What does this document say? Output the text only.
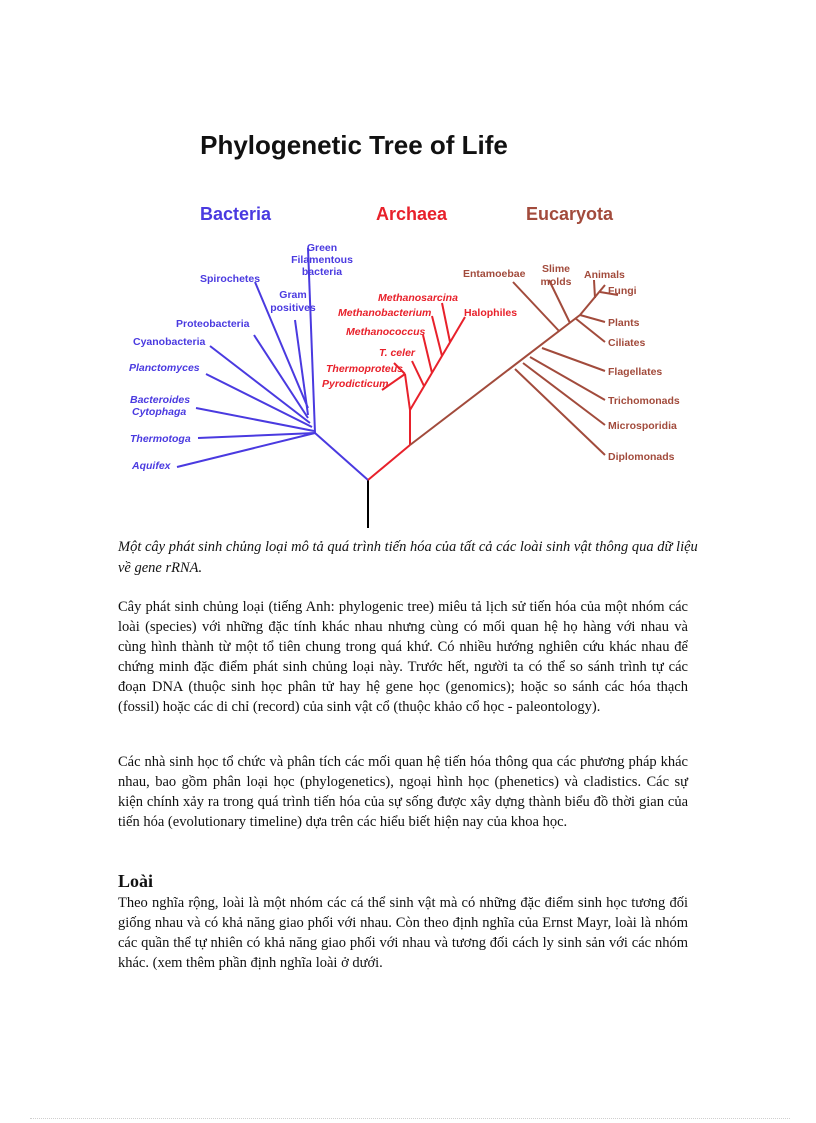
Phylogenetic Tree of Life
Bacteria	Archaea	Eucaryota
Green
Filamentous
bacteria
Spirochetes
Gram
positives
Proteobacteria
Cyanobacteria
Planctomyces
Bacteroides
Cytophaga
Thermotoga
Aquifex
Methanosarcina
Methanobacterium	Halophiles
Methanococcus
T. celer
Thermoproteus
Pyrodicticum
Entamoebae Slime
molds
Animals
Fungi
Plants
Ciliates
Flagellates
Trichomonads
Microsporidia
Diplomonads

Một cây phát sinh chủng loại mô tả quá trình tiến hóa của tất cả các loài sinh vật thông qua dữ liệu về gene rRNA.

Cây phát sinh chủng loại (tiếng Anh: phylogenic tree) miêu tả lịch sử tiến hóa của một nhóm các loài (species) với những đặc tính khác nhau nhưng cùng có mối quan hệ họ hàng với nhau và cùng hình thành từ một tổ tiên chung trong quá khứ. Có nhiều hướng nghiên cứu khác nhau để chứng minh đặc điểm phát sinh chủng loại này. Trước hết, người ta có thể so sánh trình tự các đoạn DNA (thuộc sinh học phân tử hay hệ gene học (genomics); hoặc so sánh các hóa thạch (fossil) hoặc các di chỉ (record) của sinh vật cổ (thuộc khảo cổ học - paleontology).

Các nhà sinh học tổ chức và phân tích các mối quan hệ tiến hóa thông qua các phương pháp khác nhau, bao gồm phân loại học (phylogenetics), ngoại hình học (phenetics) và cladistics. Các sự kiện chính xảy ra trong quá trình tiến hóa của sự sống được xây dựng thành biểu đồ thời gian của tiến hóa (evolutionary timeline) dựa trên các hiểu biết hiện nay của khoa học.

Loài

Theo nghĩa rộng, loài là một nhóm các cá thể sinh vật mà có những đặc điểm sinh học tương đối giống nhau và có khả năng giao phối với nhau. Còn theo định nghĩa của Ernst Mayr, loài là nhóm các quần thể tự nhiên có khả năng giao phối với nhau và tương đối cách ly sinh sản với các nhóm khác. (xem thêm phần định nghĩa loài ở dưới.
